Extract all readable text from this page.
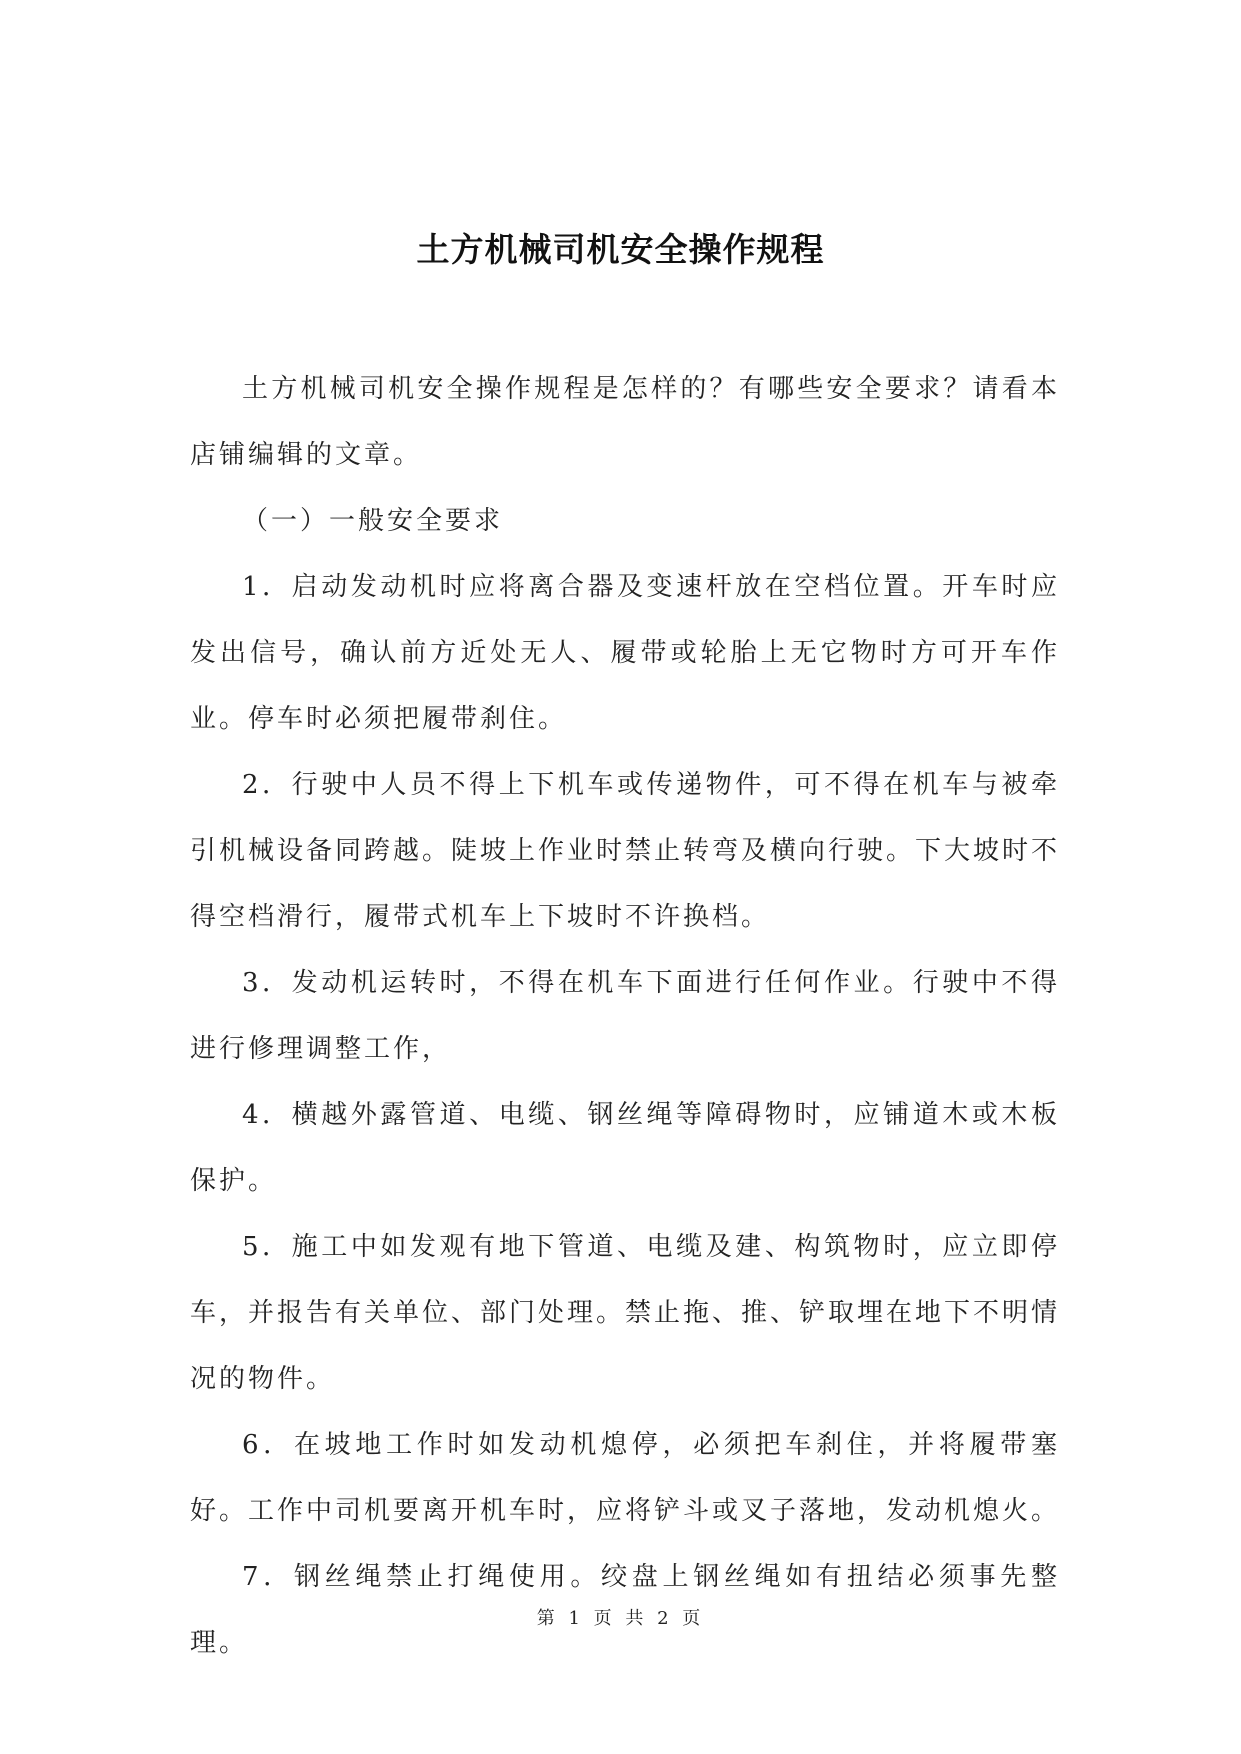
土方机械司机安全操作规程

土方机械司机安全操作规程是怎样的？有哪些安全要求？请看本店铺编辑的文章。

（一）一般安全要求

1．启动发动机时应将离合器及变速杆放在空档位置。开车时应发出信号，确认前方近处无人、履带或轮胎上无它物时方可开车作业。停车时必须把履带刹住。

2．行驶中人员不得上下机车或传递物件，可不得在机车与被牵引机械设备同跨越。陡坡上作业时禁止转弯及横向行驶。下大坡时不得空档滑行，履带式机车上下坡时不许换档。

3．发动机运转时，不得在机车下面进行任何作业。行驶中不得进行修理调整工作，

4．横越外露管道、电缆、钢丝绳等障碍物时，应铺道木或木板保护。

5．施工中如发观有地下管道、电缆及建、构筑物时，应立即停车，并报告有关单位、部门处理。禁止拖、推、铲取埋在地下不明情况的物件。

6．在坡地工作时如发动机熄停，必须把车刹住，并将履带塞好。工作中司机要离开机车时，应将铲斗或叉子落地，发动机熄火。

7．钢丝绳禁止打绳使用。绞盘上钢丝绳如有扭结必须事先整理。

第 1 页 共 2 页
